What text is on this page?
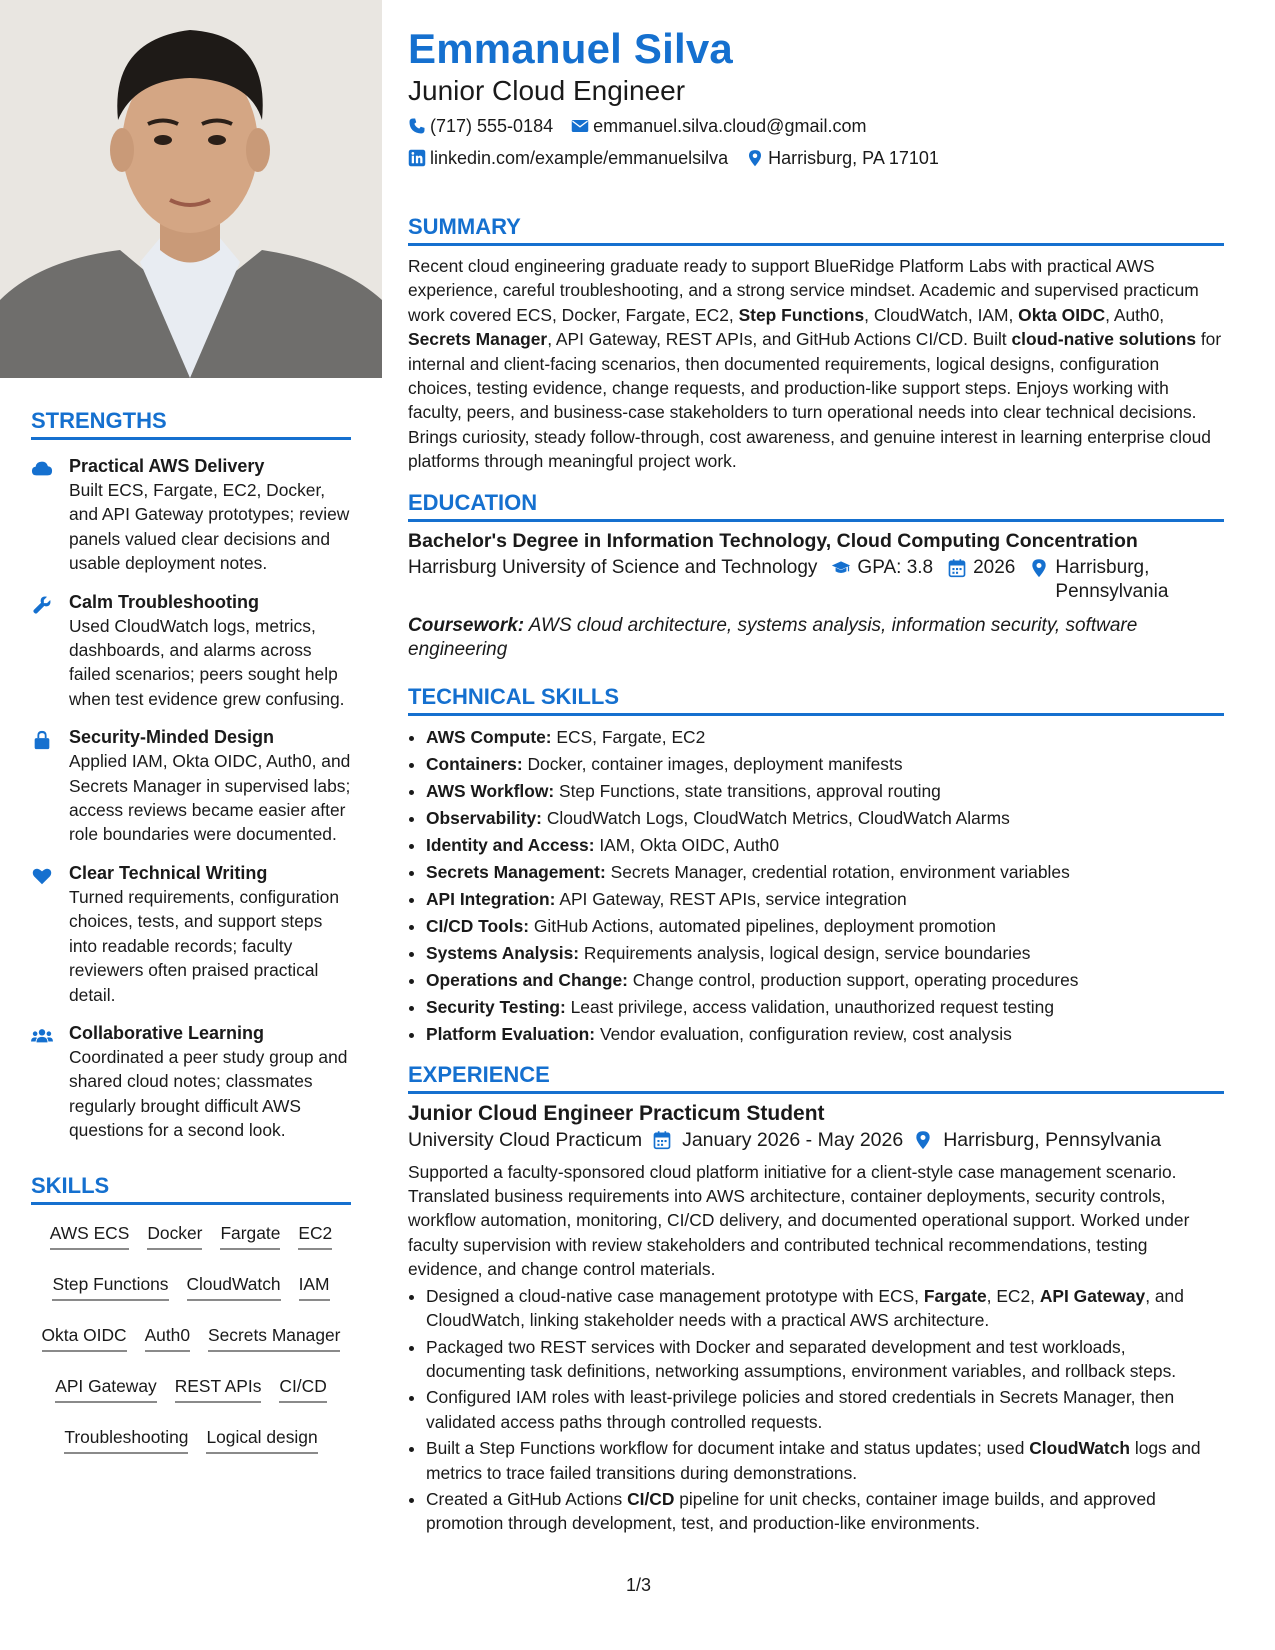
STRENGTHS
Practical AWS Delivery
Built ECS, Fargate, EC2, Docker, and API Gateway prototypes; review panels valued clear decisions and usable deployment notes.
Calm Troubleshooting
Used CloudWatch logs, metrics, dashboards, and alarms across failed scenarios; peers sought help when test evidence grew confusing.
Security-Minded Design
Applied IAM, Okta OIDC, Auth0, and Secrets Manager in supervised labs; access reviews became easier after role boundaries were documented.
Clear Technical Writing
Turned requirements, configuration choices, tests, and support steps into readable records; faculty reviewers often praised practical detail.
Collaborative Learning
Coordinated a peer study group and shared cloud notes; classmates regularly brought difficult AWS questions for a second look.
SKILLS
AWS ECS Docker Fargate EC2
Step Functions CloudWatch IAM
Okta OIDC Auth0 Secrets Manager
API Gateway REST APIs CI/CD
Troubleshooting Logical design
Emmanuel Silva
Junior Cloud Engineer
(717) 555-0184 emmanuel.silva.cloud@gmail.com
linkedin.com/example/emmanuelsilva Harrisburg, PA 17101
SUMMARY

Recent cloud engineering graduate ready to support BlueRidge Platform Labs with practical AWS experience, careful troubleshooting, and a strong service mindset. Academic and supervised practicum work covered ECS, Docker, Fargate, EC2, Step Functions, CloudWatch, IAM, Okta OIDC, Auth0, Secrets Manager, API Gateway, REST APIs, and GitHub Actions CI/CD. Built cloud-native solutions for internal and client-facing scenarios, then documented requirements, logical designs, configuration choices, testing evidence, change requests, and production-like support steps. Enjoys working with faculty, peers, and business-case stakeholders to turn operational needs into clear technical decisions. Brings curiosity, steady follow-through, cost awareness, and genuine interest in learning enterprise cloud platforms through meaningful project work.

EDUCATION
Bachelor's Degree in Information Technology, Cloud Computing Concentration
Harrisburg University of Science and Technology GPA: 3.8 2026 Harrisburg, Pennsylvania
Coursework: AWS cloud architecture, systems analysis, information security, software engineering
TECHNICAL SKILLS
• AWS Compute: ECS, Fargate, EC2
• Containers: Docker, container images, deployment manifests
• AWS Workflow: Step Functions, state transitions, approval routing
• Observability: CloudWatch Logs, CloudWatch Metrics, CloudWatch Alarms
• Identity and Access: IAM, Okta OIDC, Auth0
• Secrets Management: Secrets Manager, credential rotation, environment variables
• API Integration: API Gateway, REST APIs, service integration
• CI/CD Tools: GitHub Actions, automated pipelines, deployment promotion
• Systems Analysis: Requirements analysis, logical design, service boundaries
• Operations and Change: Change control, production support, operating procedures
• Security Testing: Least privilege, access validation, unauthorized request testing
• Platform Evaluation: Vendor evaluation, configuration review, cost analysis
EXPERIENCE
Junior Cloud Engineer Practicum Student
University Cloud Practicum January 2026 - May 2026 Harrisburg, Pennsylvania
Supported a faculty-sponsored cloud platform initiative for a client-style case management scenario. Translated business requirements into AWS architecture, container deployments, security controls, workflow automation, monitoring, CI/CD delivery, and documented operational support. Worked under faculty supervision with review stakeholders and contributed technical recommendations, testing evidence, and change control materials.
• Designed a cloud-native case management prototype with ECS, Fargate, EC2, API Gateway, and CloudWatch, linking stakeholder needs with a practical AWS architecture.
• Packaged two REST services with Docker and separated development and test workloads, documenting task definitions, networking assumptions, environment variables, and rollback steps.
• Configured IAM roles with least-privilege policies and stored credentials in Secrets Manager, then validated access paths through controlled requests.
• Built a Step Functions workflow for document intake and status updates; used CloudWatch logs and metrics to trace failed transitions during demonstrations.
• Created a GitHub Actions CI/CD pipeline for unit checks, container image builds, and approved promotion through development, test, and production-like environments.
1/3
